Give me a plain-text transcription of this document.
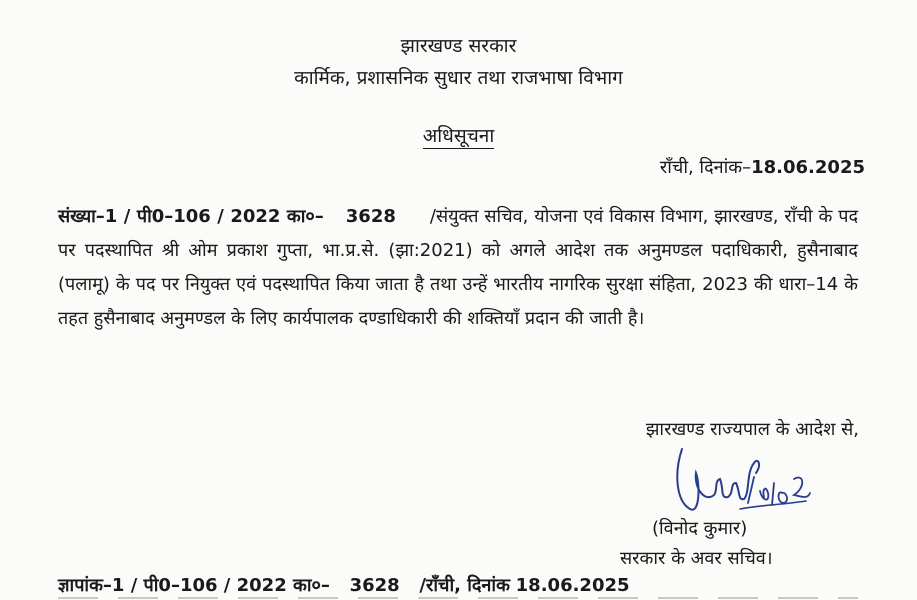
झारखण्ड सरकार
कार्मिक, प्रशासनिक सुधार तथा राजभाषा विभाग
अधिसूचना
राँची, दिनांक–18.06.2025
संख्या–1 / पी0–106 / 2022 का०– 3628 /संयुक्त सचिव, योजना एवं विकास विभाग, झारखण्ड, राँची के पद पर पदस्थापित श्री ओम प्रकाश गुप्ता, भा.प्र.से. (झा:2021) को अगले आदेश तक अनुमण्डल पदाधिकारी, हुसैनाबाद (पलामू) के पद पर नियुक्त एवं पदस्थापित किया जाता है तथा उन्हें भारतीय नागरिक सुरक्षा संहिता, 2023 की धारा–14 के तहत हुसैनाबाद अनुमण्डल के लिए कार्यपालक दण्डाधिकारी की शक्तियाँ प्रदान की जाती है।
झारखण्ड राज्यपाल के आदेश से,
(विनोद कुमार)
सरकार के अवर सचिव।
ज्ञापांक–1 / पी0–106 / 2022 का०– 3628 /राँची, दिनांक 18.06.2025
